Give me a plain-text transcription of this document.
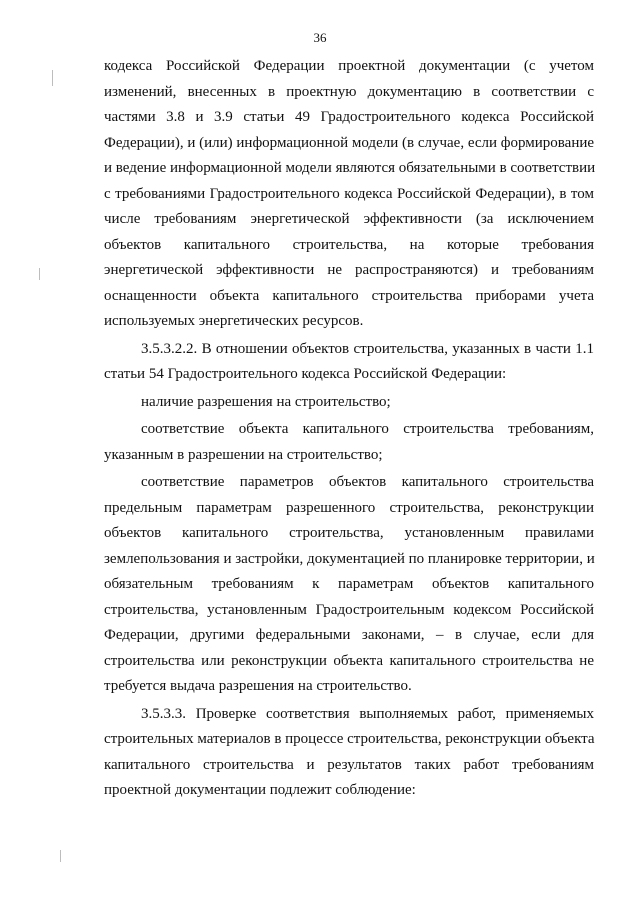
36

кодекса Российской Федерации проектной документации (с учетом
изменений, внесенных в проектную документацию в соответствии с
частями 3.8 и 3.9 статьи 49 Градостроительного кодекса Российской
Федерации), и (или) информационной модели (в случае, если формирование
и ведение информационной модели являются обязательными в соответствии
с требованиями Градостроительного кодекса Российской Федерации), в том
числе требованиям энергетической эффективности (за исключением
объектов капитального строительства, на которые требования
энергетической эффективности не распространяются) и требованиям
оснащенности объекта капитального строительства приборами учета
используемых энергетических ресурсов.

3.5.3.2.2. В отношении объектов строительства, указанных в части 1.1
статьи 54 Градостроительного кодекса Российской Федерации:

наличие разрешения на строительство;

соответствие объекта капитального строительства требованиям,
указанным в разрешении на строительство;

соответствие параметров объектов капитального строительства
предельным параметрам разрешенного строительства, реконструкции
объектов капитального строительства, установленным правилами
землепользования и застройки, документацией по планировке территории, и
обязательным требованиям к параметрам объектов капитального
строительства, установленным Градостроительным кодексом Российской
Федерации, другими федеральными законами, – в случае, если для
строительства или реконструкции объекта капитального строительства не
требуется выдача разрешения на строительство.

3.5.3.3. Проверке соответствия выполняемых работ, применяемых
строительных материалов в процессе строительства, реконструкции объекта
капитального строительства и результатов таких работ требованиям
проектной документации подлежит соблюдение:
